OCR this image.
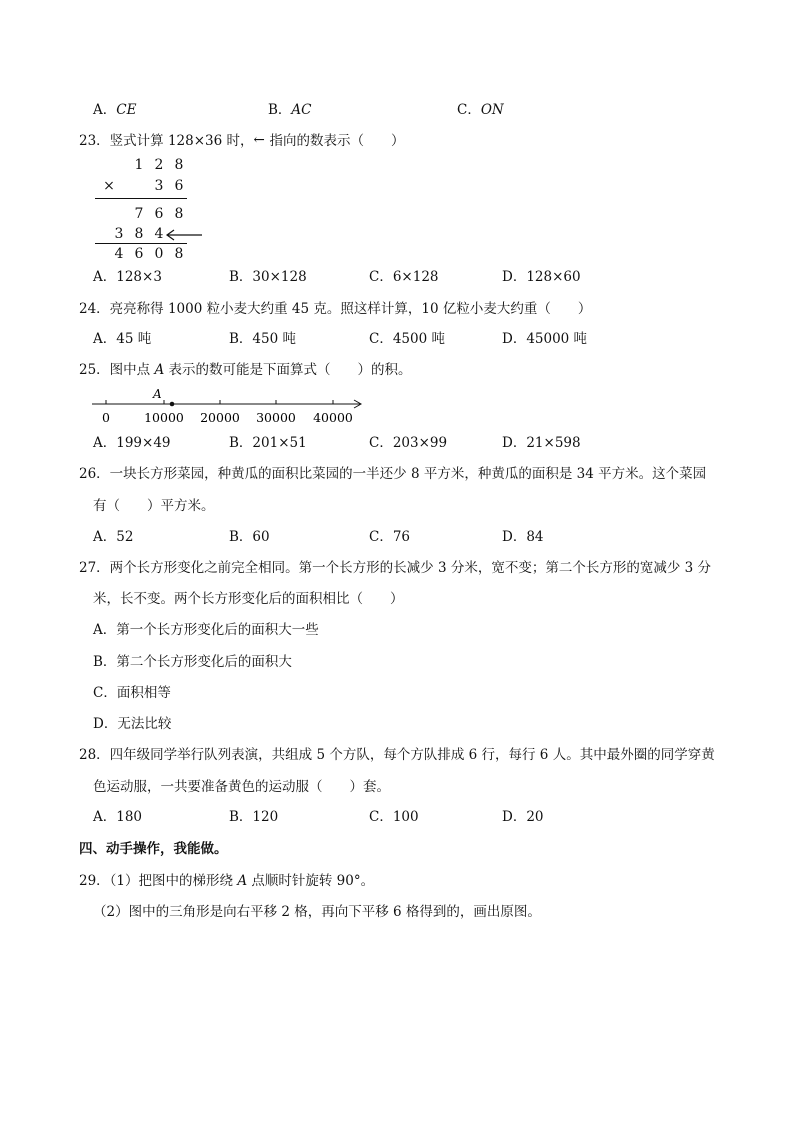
A．CE	B．AC	C．ON
23．竖式计算 128×36 时，← 指向的数表示（　　）
1 2 8
×	3 6
7 6 8
3 8 4
4 6 0 8
A．128×3	B．30×128	C．6×128	D．128×60
24．亮亮称得 1000 粒小麦大约重 45 克。照这样计算，10 亿粒小麦大约重（　　）
A．45 吨	B．450 吨	C．4500 吨	D．45000 吨
25．图中点 A 表示的数可能是下面算式（　　）的积。
A
0	10000 20000 30000 40000
A．199×49	B．201×51	C．203×99	D．21×598
26．一块长方形菜园，种黄瓜的面积比菜园的一半还少 8 平方米，种黄瓜的面积是 34 平方米。这个菜园
有（　　）平方米。
A．52	B．60	C．76	D．84
27．两个长方形变化之前完全相同。第一个长方形的长减少 3 分米，宽不变；第二个长方形的宽减少 3 分
米，长不变。两个长方形变化后的面积相比（　　）
A．第一个长方形变化后的面积大一些
B．第二个长方形变化后的面积大
C．面积相等
D．无法比较
28．四年级同学举行队列表演，共组成 5 个方队，每个方队排成 6 行，每行 6 人。其中最外圈的同学穿黄
色运动服，一共要准备黄色的运动服（　　）套。
A．180	B．120	C．100	D．20
四、动手操作，我能做。
29．（1）把图中的梯形绕 A 点顺时针旋转 90°。
（2）图中的三角形是向右平移 2 格，再向下平移 6 格得到的，画出原图。
